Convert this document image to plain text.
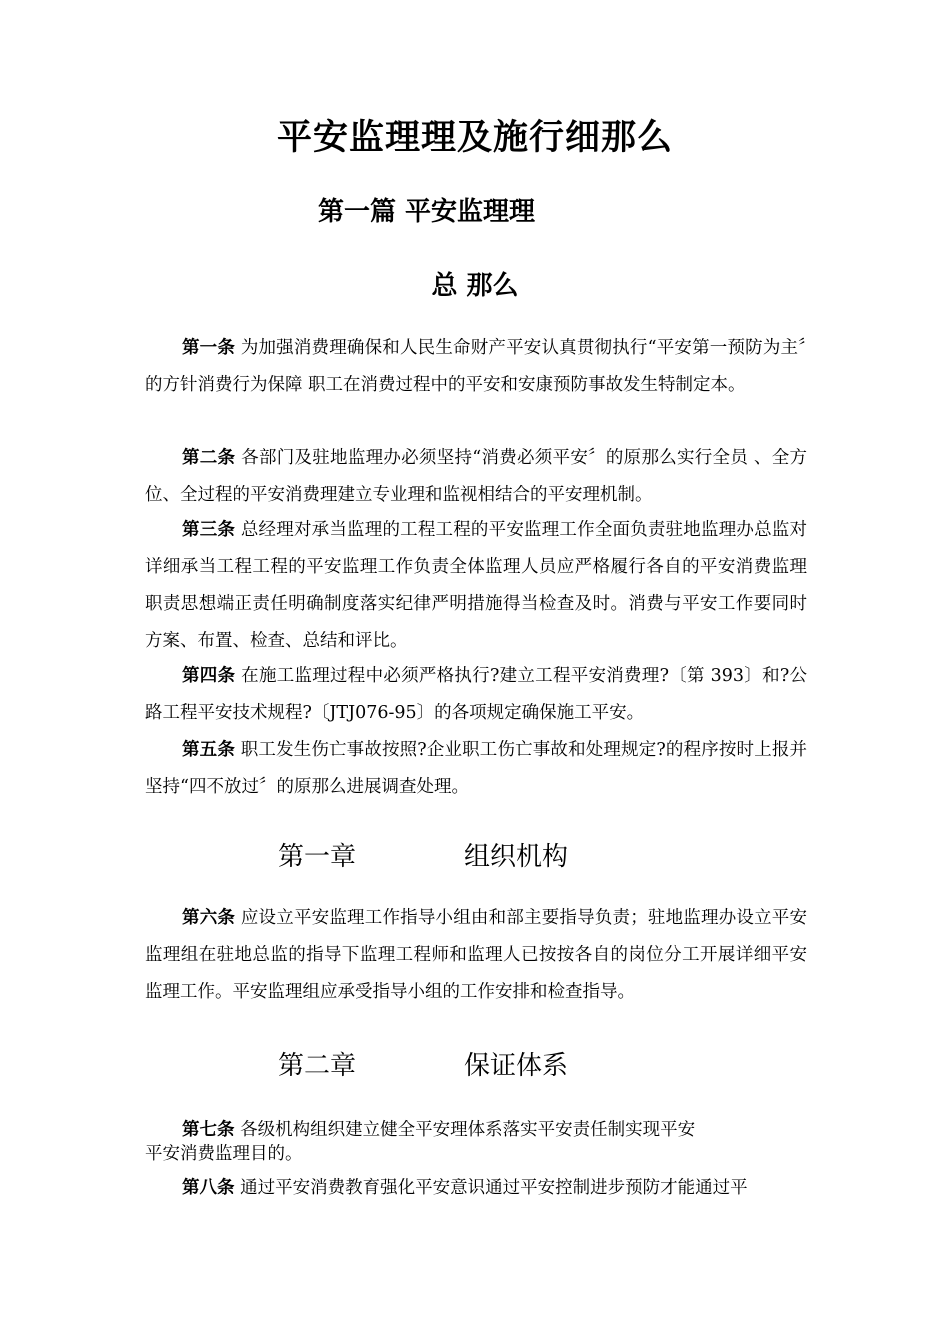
平安监理理及施行细那么
第一篇 平安监理理
总 那么

第一条 为加强消费理确保和人民生命财产平安认真贯彻执行“平安第一预防为主〞的方针消费行为保障 职工在消费过程中的平安和安康预防事故发生特制定本。

第二条 各部门及驻地监理办必须坚持“消费必须平安〞的原那么实行全员 、全方位、全过程的平安消费理建立专业理和监视相结合的平安理机制。

第三条 总经理对承当监理的工程工程的平安监理工作全面负责驻地监理办总监对详细承当工程工程的平安监理工作负责全体监理人员应严格履行各自的平安消费监理职责思想端正责任明确制度落实纪律严明措施得当检查及时。消费与平安工作要同时方案、布置、检查、总结和评比。

第四条 在施工监理过程中必须严格执行?建立工程平安消费理?〔第 393〕和?公路工程平安技术规程?〔JTJ076-95〕的各项规定确保施工平安。

第五条 职工发生伤亡事故按照?企业职工伤亡事故和处理规定?的程序按时上报并坚持“四不放过〞的原那么进展调查处理。

第一章	组织机构

第六条 应设立平安监理工作指导小组由和部主要指导负责；驻地监理办设立平安监理组在驻地总监的指导下监理工程师和监理人已按按各自的岗位分工开展详细平安监理工作。平安监理组应承受指导小组的工作安排和检查指导。

第二章	保证体系

第七条 各级机构组织建立健全平安理体系落实平安责任制实现平安

平安消费监理目的。

第八条 通过平安消费教育强化平安意识通过平安控制进步预防才能通过平
